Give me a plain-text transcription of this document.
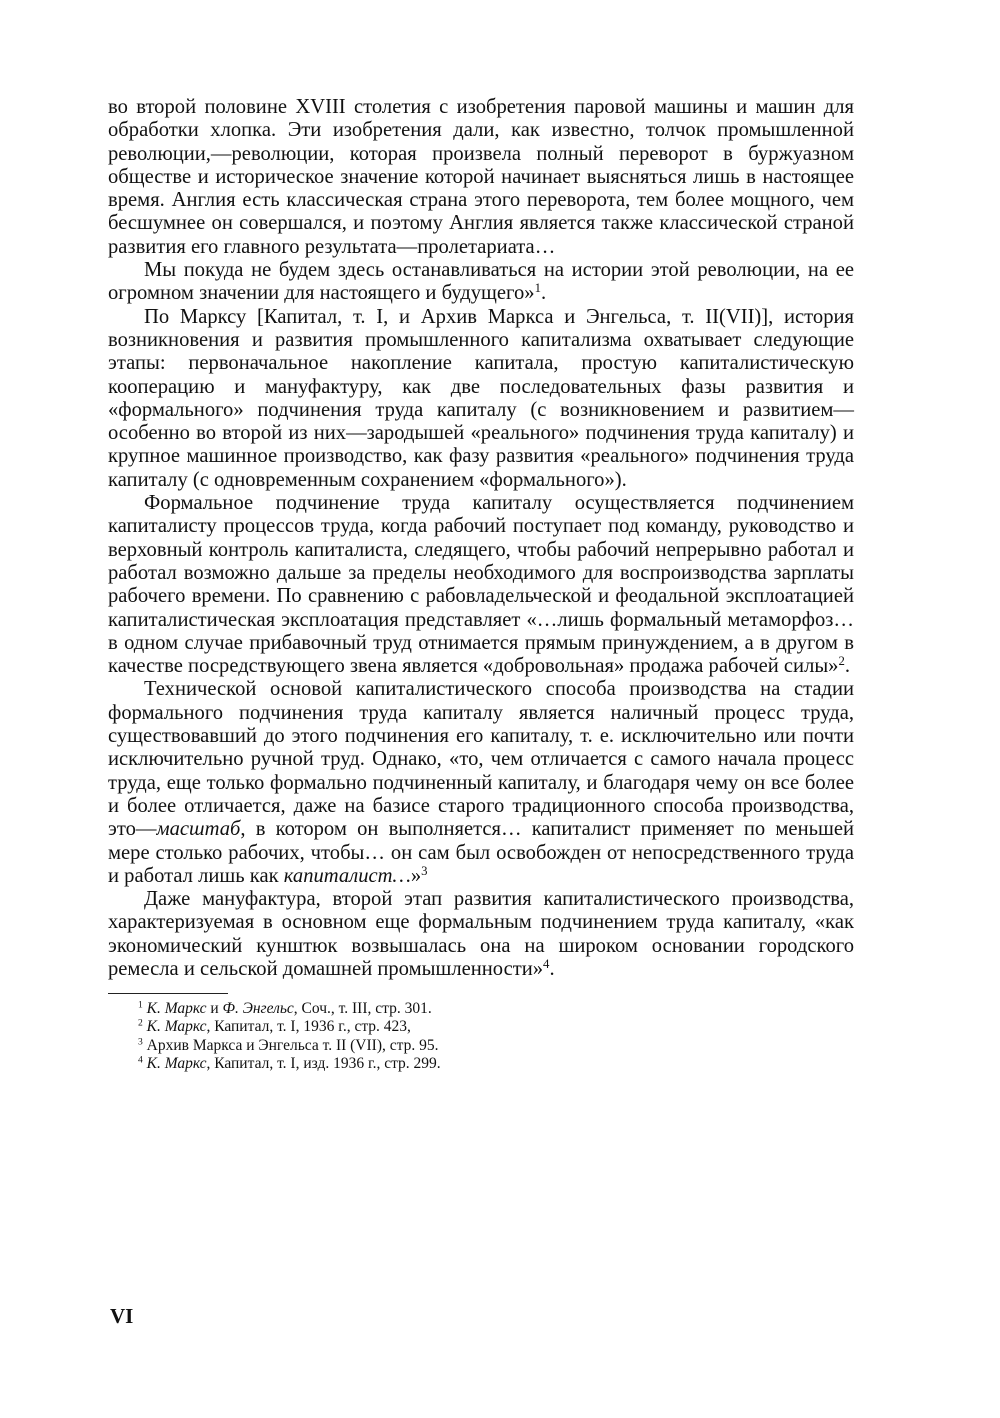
во второй половине XVIII столетия с изобретения паровой машины и машин для обработки хлопка. Эти изобретения дали, как известно, толчок промышленной революции,—революции, которая произвела полный переворот в буржуазном обществе и историческое значение которой начинает выясняться лишь в настоящее время. Англия есть классическая страна этого переворота, тем более мощного, чем бесшумнее он совершался, и поэтому Англия является также классической страной развития его главного результата—пролетариата…

Мы покуда не будем здесь останавливаться на истории этой революции, на ее огромном значении для настоящего и будущего»$^1$.

По Марксу [Капитал, т. I, и Архив Маркса и Энгельса, т. II(VII)], история возникновения и развития промышленного капитализма охватывает следующие этапы: первоначальное накопление капитала, простую капиталистическую кооперацию и мануфактуру, как две последовательных фазы развития и «формального» подчинения труда капиталу (с возникновением и развитием—особенно во второй из них—зародышей «реального» подчинения труда капиталу) и крупное машинное производство, как фазу развития «реального» подчинения труда капиталу (с одновременным сохранением «формального»).

Формальное подчинение труда капиталу осуществляется подчинением капиталисту процессов труда, когда рабочий поступает под команду, руководство и верховный контроль капиталиста, следящего, чтобы рабочий непрерывно работал и работал возможно дальше за пределы необходимого для воспроизводства зарплаты рабочего времени. По сравнению с рабовладельческой и феодальной эксплоатацией капиталистическая эксплоатация представляет «…лишь формальный метаморфоз… в одном случае прибавочный труд отнимается прямым принуждением, а в другом в качестве посредствующего звена является «добровольная» продажа рабочей силы»$^2$.

Технической основой капиталистического способа производства на стадии формального подчинения труда капиталу является наличный процесс труда, существовавший до этого подчинения его капиталу, т. е. исключительно или почти исключительно ручной труд. Однако, «то, чем отличается с самого начала процесс труда, еще только формально подчиненный капиталу, и благодаря чему он все более и более отличается, даже на базисе старого традиционного способа производства, это—масштаб, в котором он выполняется… капиталист применяет по меньшей мере столько рабочих, чтобы… он сам был освобожден от непосредственного труда и работал лишь как капиталист…»$^3$

Даже мануфактура, второй этап развития капиталистического производства, характеризуемая в основном еще формальным подчинением труда капиталу, «как экономический кунштюк возвышалась она на широком основании городского ремесла и сельской домашней промышленности»$^4$.

$^1$ К. Маркс и Ф. Энгельс, Соч., т. III, стр. 301.
$^2$ К. Маркс, Капитал, т. I, 1936 г., стр. 423,
$^3$ Архив Маркса и Энгельса т. II (VII), стр. 95.
$^4$ К. Маркс, Капитал, т. I, изд. 1936 г., стр. 299.
VI
